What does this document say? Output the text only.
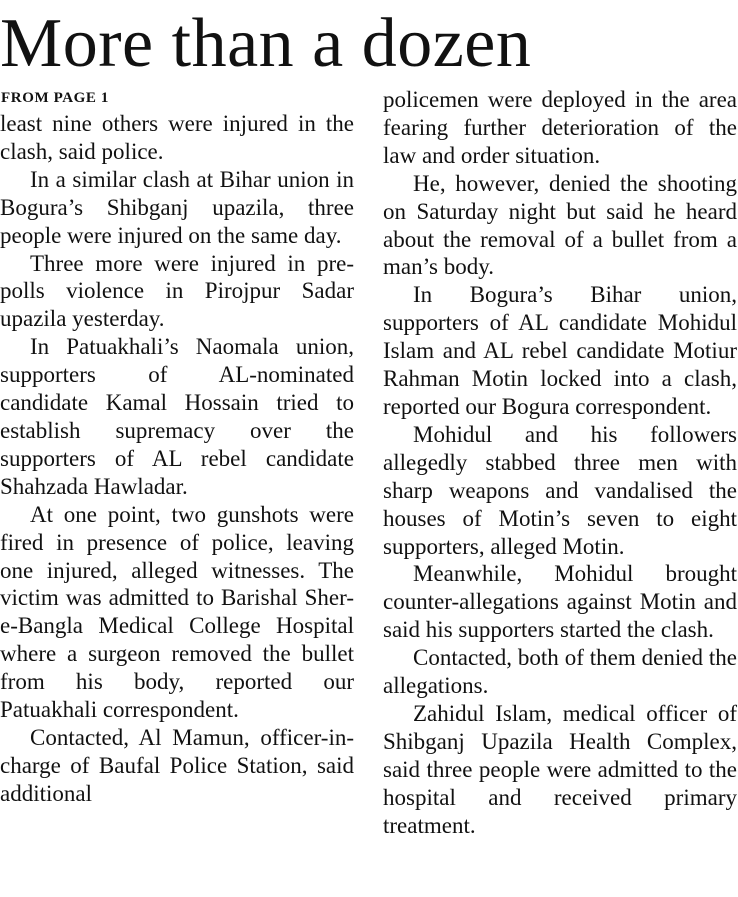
More than a dozen
FROM PAGE 1

least nine others were injured in the clash, said police.

In a similar clash at Bihar union in Bogura’s Shibganj upazila, three people were injured on the same day.

Three more were injured in pre-polls violence in Pirojpur Sadar upazila yesterday.

In Patuakhali’s Naomala union, supporters of AL-nominated candidate Kamal Hossain tried to establish supremacy over the supporters of AL rebel candidate Shahzada Hawladar.

At one point, two gunshots were fired in presence of police, leaving one injured, alleged witnesses. The victim was admitted to Barishal Sher-e-Bangla Medical College Hospital where a surgeon removed the bullet from his body, reported our Patuakhali correspondent.

Contacted, Al Mamun, officer-in-charge of Baufal Police Station, said additional

policemen were deployed in the area fearing further deterioration of the law and order situation.

He, however, denied the shooting on Saturday night but said he heard about the removal of a bullet from a man’s body.

In Bogura’s Bihar union, supporters of AL candidate Mohidul Islam and AL rebel candidate Motiur Rahman Motin locked into a clash, reported our Bogura correspondent.

Mohidul and his followers allegedly stabbed three men with sharp weapons and vandalised the houses of Motin’s seven to eight supporters, alleged Motin.

Meanwhile, Mohidul brought counter-allegations against Motin and said his supporters started the clash.

Contacted, both of them denied the allegations.

Zahidul Islam, medical officer of Shibganj Upazila Health Complex, said three people were admitted to the hospital and received primary treatment.
